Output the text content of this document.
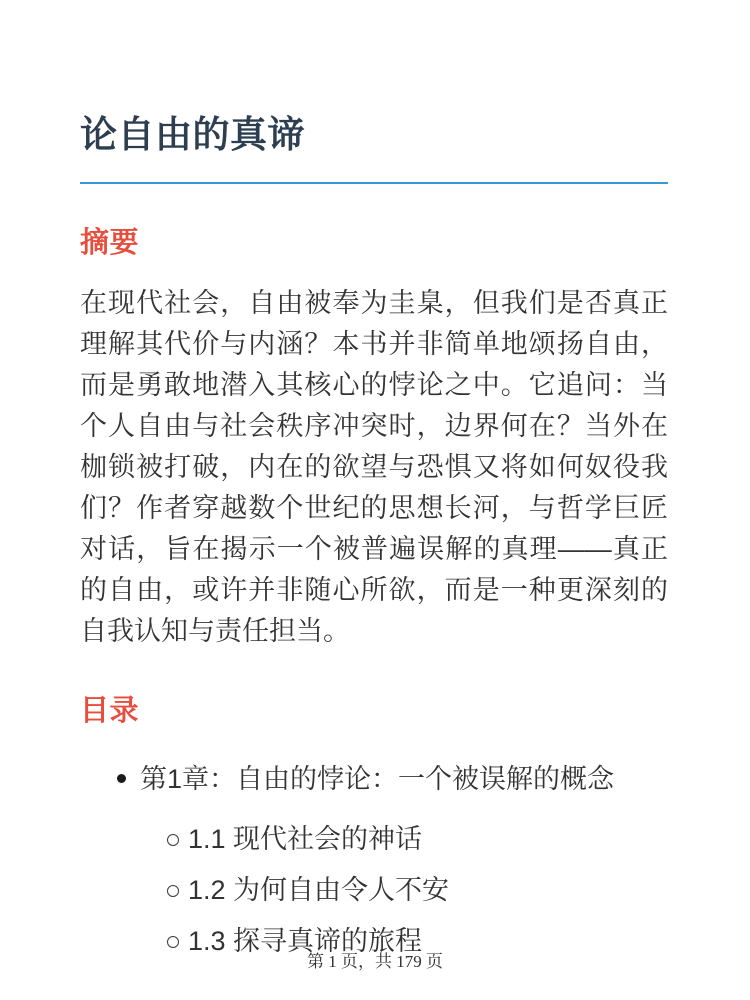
论自由的真谛
摘要

在现代社会，自由被奉为圭臬，但我们是否真正理解其代价与内涵？本书并非简单地颂扬自由，而是勇敢地潜入其核心的悖论之中。它追问：当个人自由与社会秩序冲突时，边界何在？当外在枷锁被打破，内在的欲望与恐惧又将如何奴役我们？作者穿越数个世纪的思想长河，与哲学巨匠对话，旨在揭示一个被普遍误解的真理——真正的自由，或许并非随心所欲，而是一种更深刻的自我认知与责任担当。

目录
第1章：自由的悖论：一个被误解的概念
1.1 现代社会的神话
1.2 为何自由令人不安
1.3 探寻真谛的旅程
第 1 页，共 179 页
